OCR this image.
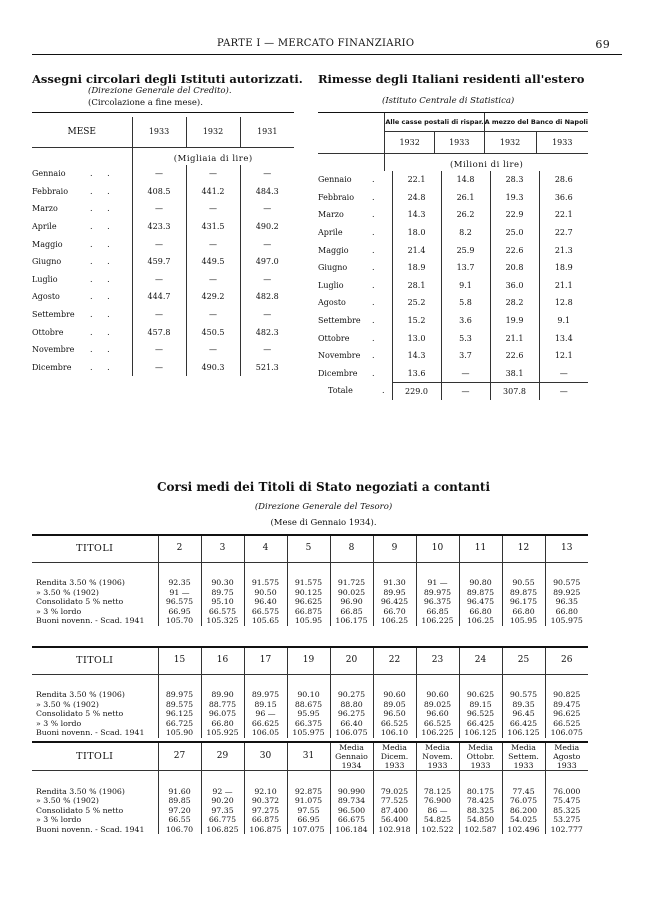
PARTE I — MERCATO FINANZIARIO	69
Assegni circolari degli Istituti autorizzati.
(Direzione Generale del Credito).
(Circolazione a fine mese).
MESE	1933	1932	1931
	(Migliaia di lire)		
Gennaio . .	—	—	—
Febbraio . .	408.5	441.2	484.3
Marzo . .	—	—	—
Aprile . .	423.3	431.5	490.2
Maggio . .	—	—	—
Giugno . .	459.7	449.5	497.0
Luglio . .	—	—	—
Agosto . .	444.7	429.2	482.8
Settembre . .	—	—	—
Ottobre . .	457.8	450.5	482.3
Novembre . .	—	—	—
Dicembre . .	—	490.3	521.3
Rimesse degli Italiani residenti all'estero
(Istituto Centrale di Statistica)
	Alle casse postali di rispar.		A mezzo del Banco di Napoli	
	1932	1933	1932	1933
	(Milioni di lire)			
Gennaio .	22.1	14.8	28.3	28.6
Febbraio .	24.8	26.1	19.3	36.6
Marzo .	14.3	26.2	22.9	22.1
Aprile .	18.0	8.2	25.0	22.7
Maggio .	21.4	25.9	22.6	21.3
Giugno .	18.9	13.7	20.8	18.9
Luglio .	28.1	9.1	36.0	21.1
Agosto .	25.2	5.8	28.2	12.8
Settembre .	15.2	3.6	19.9	9.1
Ottobre .	13.0	5.3	21.1	13.4
Novembre .	14.3	3.7	22.6	12.1
Dicembre .	13.6	—	38.1	—
Totale .	229.0	—	307.8	—
Corsi medi dei Titoli di Stato negoziati a contanti
(Direzione Generale del Tesoro)
(Mese di Gennaio 1934).
TITOLI	2	3	4	5	8	9	10	11	12	13

Rendita 3.50 % (1906)	92.35	90.30	91.575	91.575	91.725	91.30	91 —	90.80	90.55	90.575
» 3.50 % (1902)	91 —	89.75	90.50	90.125	90.025	89.95	89.975	89.875	89.875	89.925
Consolidato 5 % netto	96.575	95.10	96.40	96.625	96.90	96.425	96.375	96.475	96.175	96.35
» 3 % lordo	66.95	66.575	66.575	66.875	66.85	66.70	66.85	66.80	66.80	66.80
Buoni novenn. - Scad. 1941	105.70	105.325	105.65	105.95	106.175	106.25	106.225	106.25	105.95	105.975
TITOLI	15	16	17	19	20	22	23	24	25	26

Rendita 3.50 % (1906)	89.975	89.90	89.975	90.10	90.275	90.60	90.60	90.625	90.575	90.825
» 3.50 % (1902)	89.575	88.775	89.15	88.675	88.80	89.05	89.025	89.15	89.35	89.475
Consolidato 5 % netto	96.125	96.075	96 —	95.95	96.275	96.50	96.60	96.525	96.45	96.625
» 3 % lordo	66.725	66.80	66.625	66.375	66.40	66.525	66.525	66.425	66.425	66.525
Buoni novenn. - Scad. 1941	105.90	105.925	106.05	105.975	106.075	106.10	106.225	106.125	106.125	106.075
TITOLI	27	29	30	31	Media
Gennaio
1934	Media
Dicem.
1933	Media
Novem.
1933	Media
Ottobr.
1933	Media
Settem.
1933	Media
Agosto
1933

Rendita 3.50 % (1906)	91.60	92 —	92.10	92.875	90.990	79.025	78.125	80.175	77.45	76.000
» 3.50 % (1902)	89.85	90.20	90.372	91.075	89.734	77.525	76.900	78.425	76.075	75.475
Consolidato 5 % netto	97.20	97.35	97.275	97.55	96.500	87.400	86 —	88.325	86.200	85.325
» 3 % lordo	66.55	66.775	66.875	66.95	66.675	56.400	54.825	54.850	54.025	53.275
Buoni novenn. - Scad. 1941	106.70	106.825	106.875	107.075	106.184	102.918	102.522	102.587	102.496	102.777
